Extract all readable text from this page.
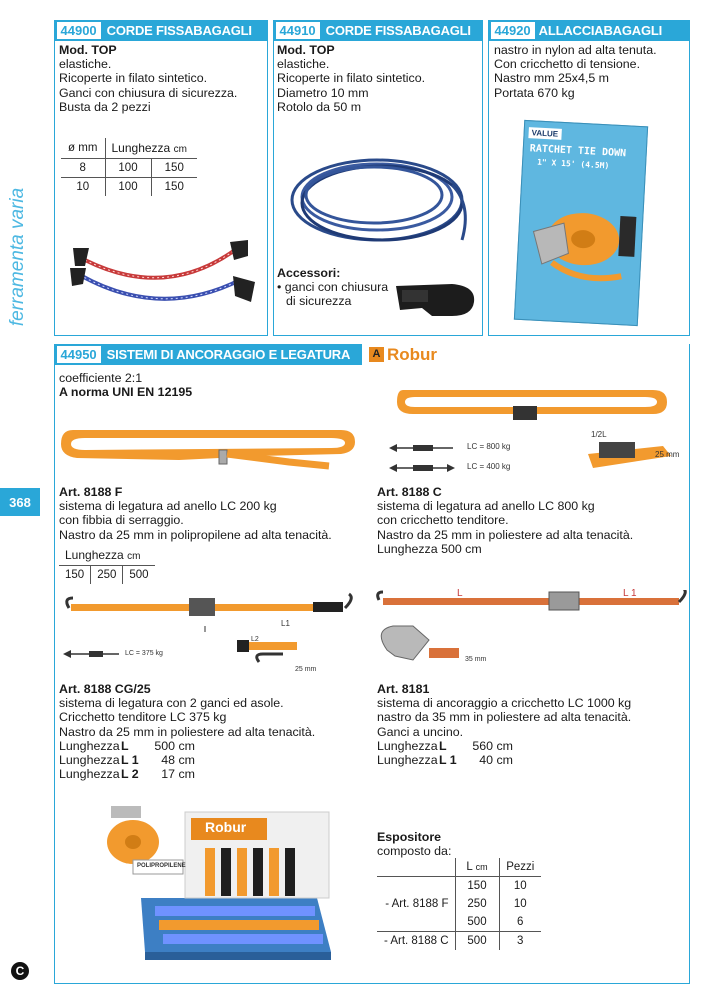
ferramenta varia
368
C
44900 CORDE FISSABAGAGLI
Mod. TOP
elastiche.
Ricoperte in filato sintetico.
Ganci con chiusura di sicurezza.
Busta da 2 pezzi
ø mm	Lunghezza cm	
8	100	150
10	100	150
44910 CORDE FISSABAGAGLI
Mod. TOP
elastiche.
Ricoperte in filato sintetico.
Diametro 10 mm
Rotolo da 50 m
Accessori:
• ganci con chiusura
di sicurezza
44920 ALLACCIABAGAGLI
nastro in nylon ad alta tenuta.
Con cricchetto di tensione.
Nastro mm 25x4,5 m
Portata 670 kg
VALUE
RATCHET TIE DOWN
1" X 15' (4.5M)
44950 SISTEMI DI ANCORAGGIO E LEGATURA	A Robur
coefficiente 2:1
A norma UNI EN 12195
LC = 800 kg
LC = 400 kg
1/2L
25 mm
Art. 8188 F
sistema di legatura ad anello LC 200 kg
con fibbia di serraggio.
Nastro da 25 mm in polipropilene ad alta tenacità.
Lunghezza cm
150	250	500
Art. 8188 C
sistema di legatura ad anello LC 800 kg
con cricchetto tenditore.
Nastro da 25 mm in poliestere ad alta tenacità.
Lunghezza 500 cm
LC = 375 kg
L1
L2
25 mm
L	L 1
35 mm
Art. 8188 CG/25
sistema di legatura con 2 ganci ed asole.
Cricchetto tenditore LC 375 kg
Nastro da 25 mm in poliestere ad alta tenacità.
Lunghezza L	500 cm
Lunghezza L 1	48 cm
Lunghezza L 2	17 cm
Art. 8181
sistema di ancoraggio a cricchetto LC 1000 kg
nastro da 35 mm in poliestere ad alta tenacità.
Ganci a uncino.
Lunghezza L	560 cm
Lunghezza L 1	40 cm
Robur
POLIPROPILENE
Espositore
composto da:
	L cm	Pezzi
	150	10
- Art. 8188 F	250	10
	500	6
- Art. 8188 C	500	3
